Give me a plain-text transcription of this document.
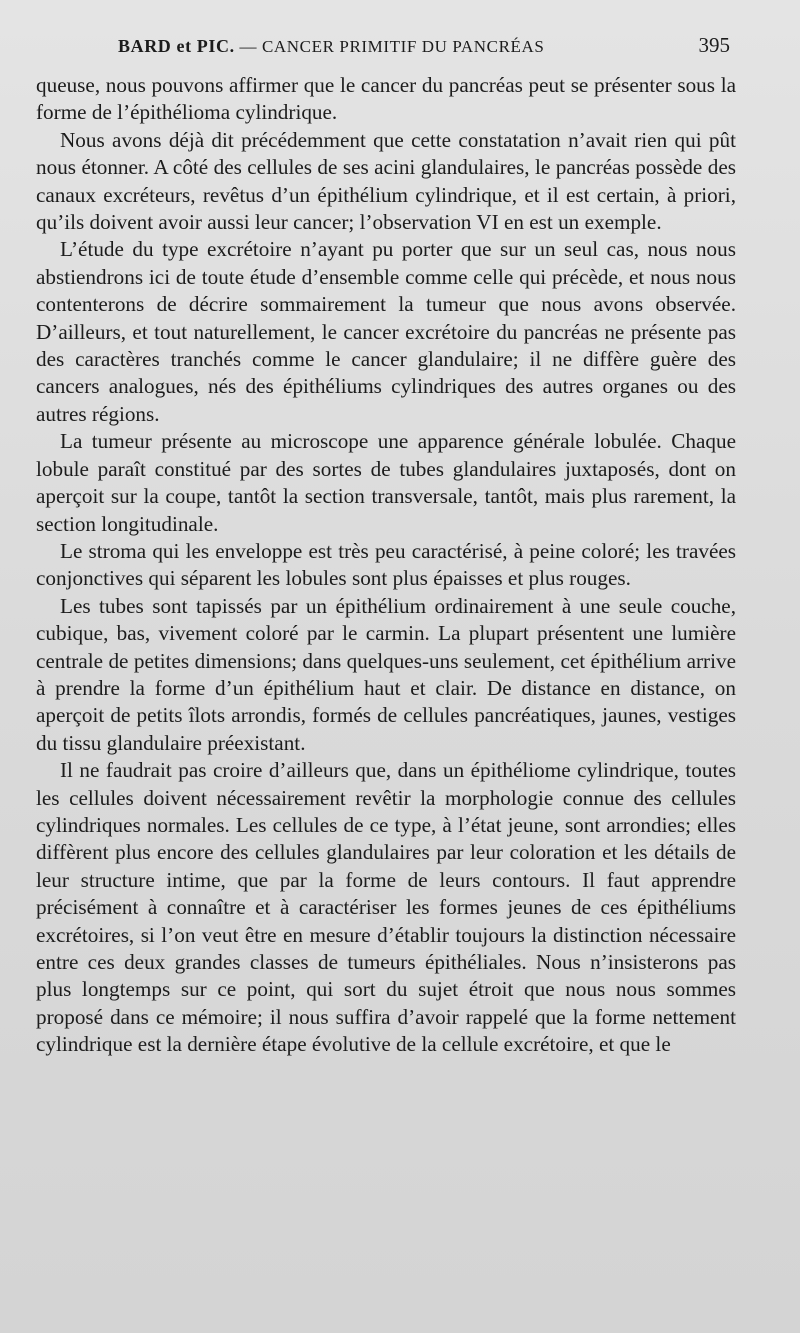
BARD et PIC. — CANCER PRIMITIF DU PANCRÉAS	395

queuse, nous pouvons affirmer que le cancer du pancréas peut se présenter sous la forme de l’épithélioma cylindrique.

Nous avons déjà dit précédemment que cette constatation n’avait rien qui pût nous étonner. A côté des cellules de ses acini glandulaires, le pancréas possède des canaux excréteurs, revêtus d’un épithélium cylindrique, et il est certain, à priori, qu’ils doivent avoir aussi leur cancer; l’observation VI en est un exemple.

L’étude du type excrétoire n’ayant pu porter que sur un seul cas, nous nous abstiendrons ici de toute étude d’ensemble comme celle qui précède, et nous nous contenterons de décrire sommairement la tumeur que nous avons observée. D’ailleurs, et tout naturellement, le cancer excrétoire du pancréas ne présente pas des caractères tranchés comme le cancer glandulaire; il ne diffère guère des cancers analogues, nés des épithéliums cylindriques des autres organes ou des autres régions.

La tumeur présente au microscope une apparence générale lobulée. Chaque lobule paraît constitué par des sortes de tubes glandulaires juxtaposés, dont on aperçoit sur la coupe, tantôt la section transversale, tantôt, mais plus rarement, la section longitudinale.

Le stroma qui les enveloppe est très peu caractérisé, à peine coloré; les travées conjonctives qui séparent les lobules sont plus épaisses et plus rouges.

Les tubes sont tapissés par un épithélium ordinairement à une seule couche, cubique, bas, vivement coloré par le carmin. La plupart présentent une lumière centrale de petites dimensions; dans quelques-uns seulement, cet épithélium arrive à prendre la forme d’un épithélium haut et clair. De distance en distance, on aperçoit de petits îlots arrondis, formés de cellules pancréatiques, jaunes, vestiges du tissu glandulaire préexistant.

Il ne faudrait pas croire d’ailleurs que, dans un épithéliome cylindrique, toutes les cellules doivent nécessairement revêtir la morphologie connue des cellules cylindriques normales. Les cellules de ce type, à l’état jeune, sont arrondies; elles diffèrent plus encore des cellules glandulaires par leur coloration et les détails de leur structure intime, que par la forme de leurs contours. Il faut apprendre précisément à connaître et à caractériser les formes jeunes de ces épithéliums excrétoires, si l’on veut être en mesure d’établir toujours la distinction nécessaire entre ces deux grandes classes de tumeurs épithéliales. Nous n’insisterons pas plus longtemps sur ce point, qui sort du sujet étroit que nous nous sommes proposé dans ce mémoire; il nous suffira d’avoir rappelé que la forme nettement cylindrique est la dernière étape évolutive de la cellule excrétoire, et que le
